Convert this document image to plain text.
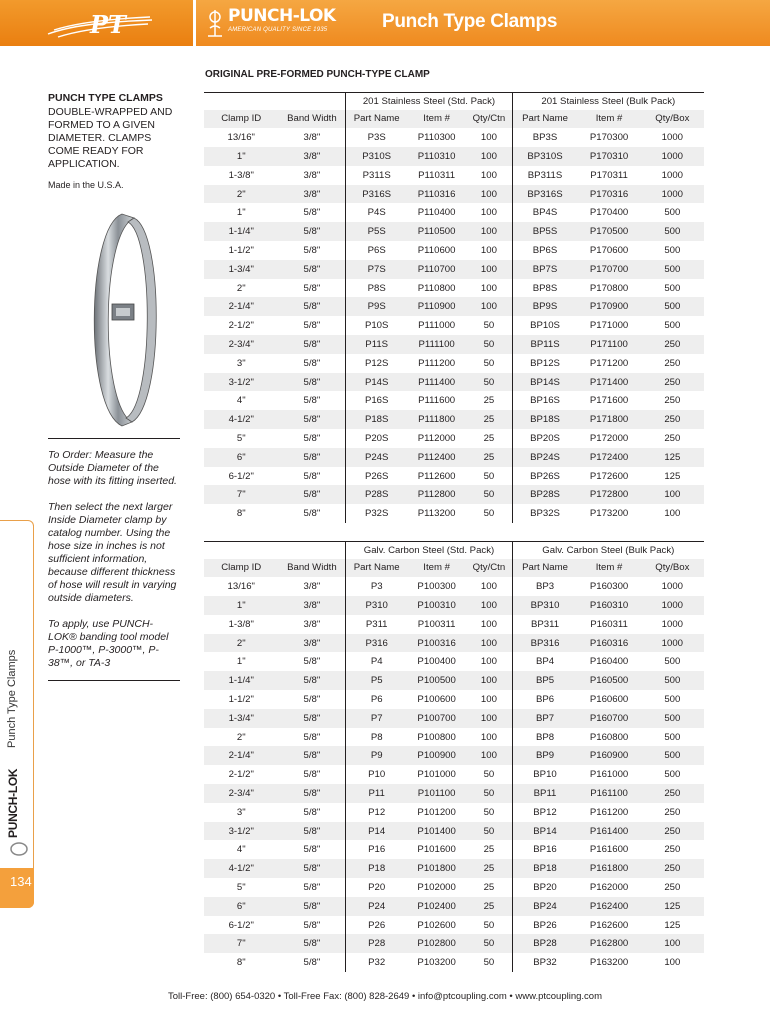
PT	PUNCH-LOK
AMERICAN QUALITY SINCE 1935	Punch Type Clamps
Punch Type Clamps
PUNCH-LOK
134
ORIGINAL PRE-FORMED PUNCH-TYPE CLAMP
PUNCH TYPE CLAMPS
DOUBLE-WRAPPED AND FORMED TO A GIVEN DIAMETER. CLAMPS COME READY FOR APPLICATION.
Made in the U.S.A.
To Order: Measure the Outside Diameter of the hose with its fitting inserted.
Then select the next larger Inside Diameter clamp by catalog number. Using the hose size in inches is not sufficient information, because different thickness of hose will result in varying outside diameters.
To apply, use PUNCH-LOK® banding tool model P-1000™, P-3000™, P-38™, or TA-3
		201 Stainless Steel (Std. Pack)			201 Stainless Steel (Bulk Pack)		
Clamp ID	Band Width	Part Name	Item #	Qty/Ctn	Part Name	Item #	Qty/Box
13/16"	3/8"	P3S	P110300	100	BP3S	P170300	1000
1"	3/8"	P310S	P110310	100	BP310S	P170310	1000
1-3/8"	3/8"	P311S	P110311	100	BP311S	P170311	1000
2"	3/8"	P316S	P110316	100	BP316S	P170316	1000
1"	5/8"	P4S	P110400	100	BP4S	P170400	500
1-1/4"	5/8"	P5S	P110500	100	BP5S	P170500	500
1-1/2"	5/8"	P6S	P110600	100	BP6S	P170600	500
1-3/4"	5/8"	P7S	P110700	100	BP7S	P170700	500
2"	5/8"	P8S	P110800	100	BP8S	P170800	500
2-1/4"	5/8"	P9S	P110900	100	BP9S	P170900	500
2-1/2"	5/8"	P10S	P111000	50	BP10S	P171000	500
2-3/4"	5/8"	P11S	P111100	50	BP11S	P171100	250
3"	5/8"	P12S	P111200	50	BP12S	P171200	250
3-1/2"	5/8"	P14S	P111400	50	BP14S	P171400	250
4"	5/8"	P16S	P111600	25	BP16S	P171600	250
4-1/2"	5/8"	P18S	P111800	25	BP18S	P171800	250
5"	5/8"	P20S	P112000	25	BP20S	P172000	250
6"	5/8"	P24S	P112400	25	BP24S	P172400	125
6-1/2"	5/8"	P26S	P112600	50	BP26S	P172600	125
7"	5/8"	P28S	P112800	50	BP28S	P172800	100
8"	5/8"	P32S	P113200	50	BP32S	P173200	100
		Galv. Carbon Steel (Std. Pack)			Galv. Carbon Steel (Bulk Pack)		
Clamp ID	Band Width	Part Name	Item #	Qty/Ctn	Part Name	Item #	Qty/Box
13/16"	3/8"	P3	P100300	100	BP3	P160300	1000
1"	3/8"	P310	P100310	100	BP310	P160310	1000
1-3/8"	3/8"	P311	P100311	100	BP311	P160311	1000
2"	3/8"	P316	P100316	100	BP316	P160316	1000
1"	5/8"	P4	P100400	100	BP4	P160400	500
1-1/4"	5/8"	P5	P100500	100	BP5	P160500	500
1-1/2"	5/8"	P6	P100600	100	BP6	P160600	500
1-3/4"	5/8"	P7	P100700	100	BP7	P160700	500
2"	5/8"	P8	P100800	100	BP8	P160800	500
2-1/4"	5/8"	P9	P100900	100	BP9	P160900	500
2-1/2"	5/8"	P10	P101000	50	BP10	P161000	500
2-3/4"	5/8"	P11	P101100	50	BP11	P161100	250
3"	5/8"	P12	P101200	50	BP12	P161200	250
3-1/2"	5/8"	P14	P101400	50	BP14	P161400	250
4"	5/8"	P16	P101600	25	BP16	P161600	250
4-1/2"	5/8"	P18	P101800	25	BP18	P161800	250
5"	5/8"	P20	P102000	25	BP20	P162000	250
6"	5/8"	P24	P102400	25	BP24	P162400	125
6-1/2"	5/8"	P26	P102600	50	BP26	P162600	125
7"	5/8"	P28	P102800	50	BP28	P162800	100
8"	5/8"	P32	P103200	50	BP32	P163200	100
Toll-Free: (800) 654-0320 • Toll-Free Fax: (800) 828-2649 • info@ptcoupling.com • www.ptcoupling.com
